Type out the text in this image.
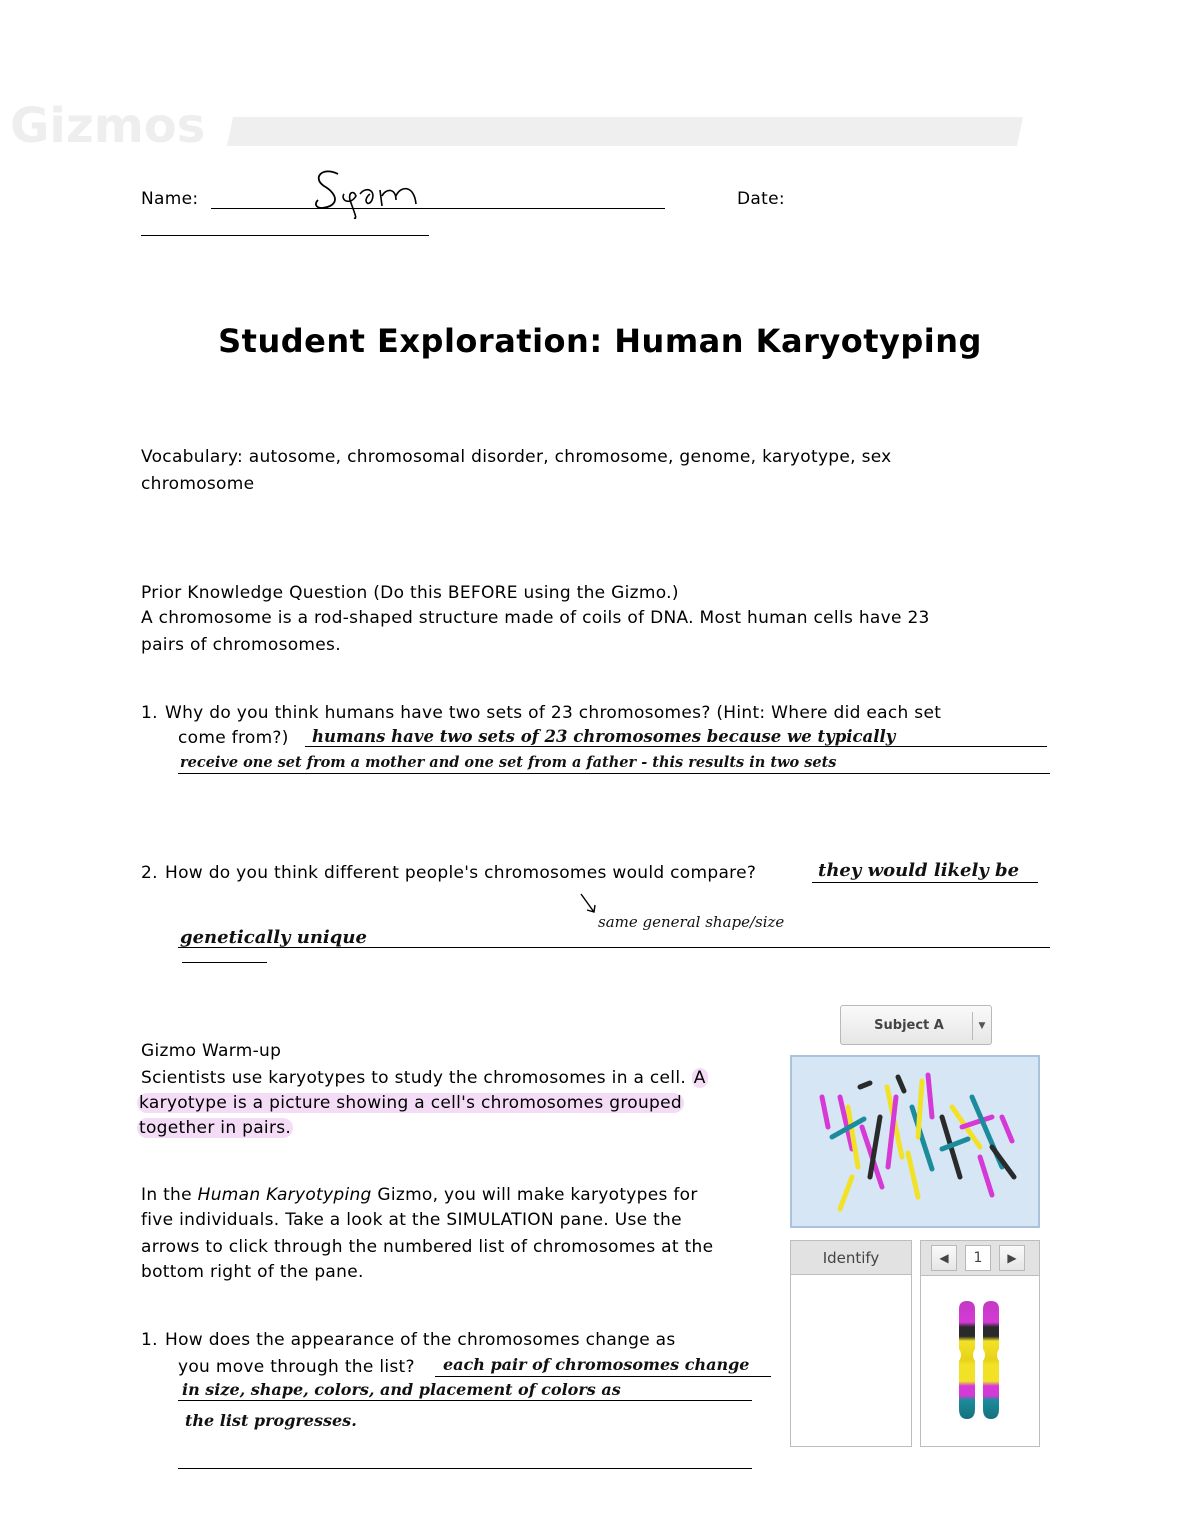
Gizmos
Name:	Date:
Student Exploration: Human Karyotyping
Vocabulary: autosome, chromosomal disorder, chromosome, genome, karyotype, sex
chromosome
Prior Knowledge Question (Do this BEFORE using the Gizmo.)
A chromosome is a rod-shaped structure made of coils of DNA. Most human cells have 23
pairs of chromosomes.
1. Why do you think humans have two sets of 23 chromosomes? (Hint: Where did each set
come from?) humans have two sets of 23 chromosomes because we typically
receive one set from a mother and one set from a father - this results in two sets
2. How do you think different people's chromosomes would compare?	they would likely be
same general shape/size
genetically unique
Gizmo Warm-up
Scientists use karyotypes to study the chromosomes in a cell. A
karyotype is a picture showing a cell's chromosomes grouped
together in pairs.
In the Human Karyotyping Gizmo, you will make karyotypes for
five individuals. Take a look at the SIMULATION pane. Use the
arrows to click through the numbered list of chromosomes at the
bottom right of the pane.
1. How does the appearance of the chromosomes change as
you move through the list? each pair of chromosomes change
in size, shape, colors, and placement of colors as
the list progresses.
Subject A	▼
Identify	◀	1	▶
